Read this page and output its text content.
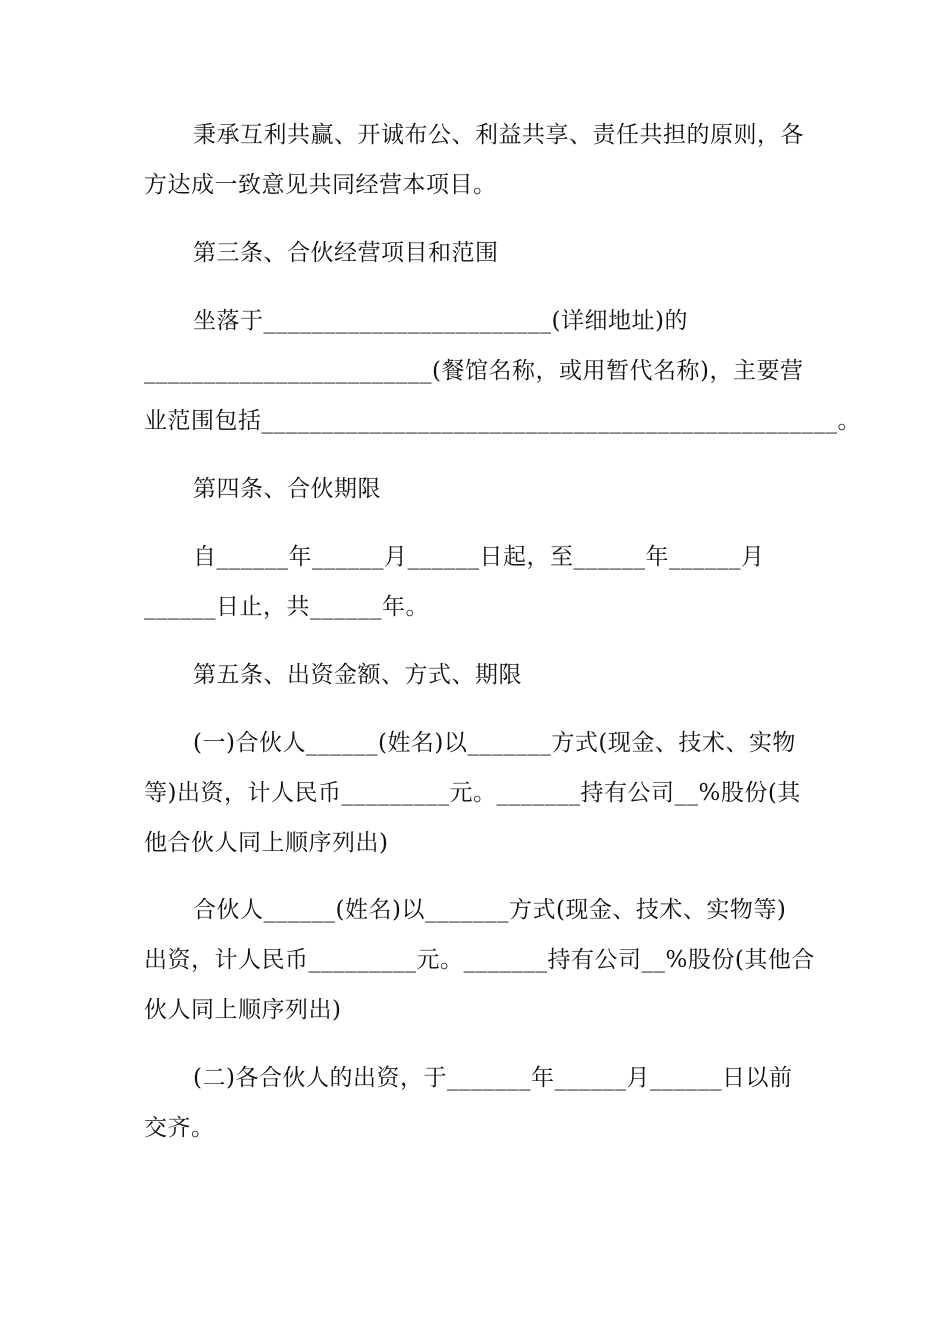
秉承互利共赢、开诚布公、利益共享、责任共担的原则，各
方达成一致意见共同经营本项目。
第三条、合伙经营项目和范围
坐落于________________________(详细地址)的
________________________(餐馆名称，或用暂代名称)，主要营
业范围包括________________________________________________。
第四条、合伙期限
自______年______月______日起，至______年______月
______日止，共______年。
第五条、出资金额、方式、期限
(一)合伙人______(姓名)以_______方式(现金、技术、实物
等)出资，计人民币_________元。_______持有公司__%股份(其
他合伙人同上顺序列出)
合伙人______(姓名)以_______方式(现金、技术、实物等)
出资，计人民币_________元。_______持有公司__%股份(其他合
伙人同上顺序列出)
(二)各合伙人的出资，于_______年______月______日以前
交齐。
